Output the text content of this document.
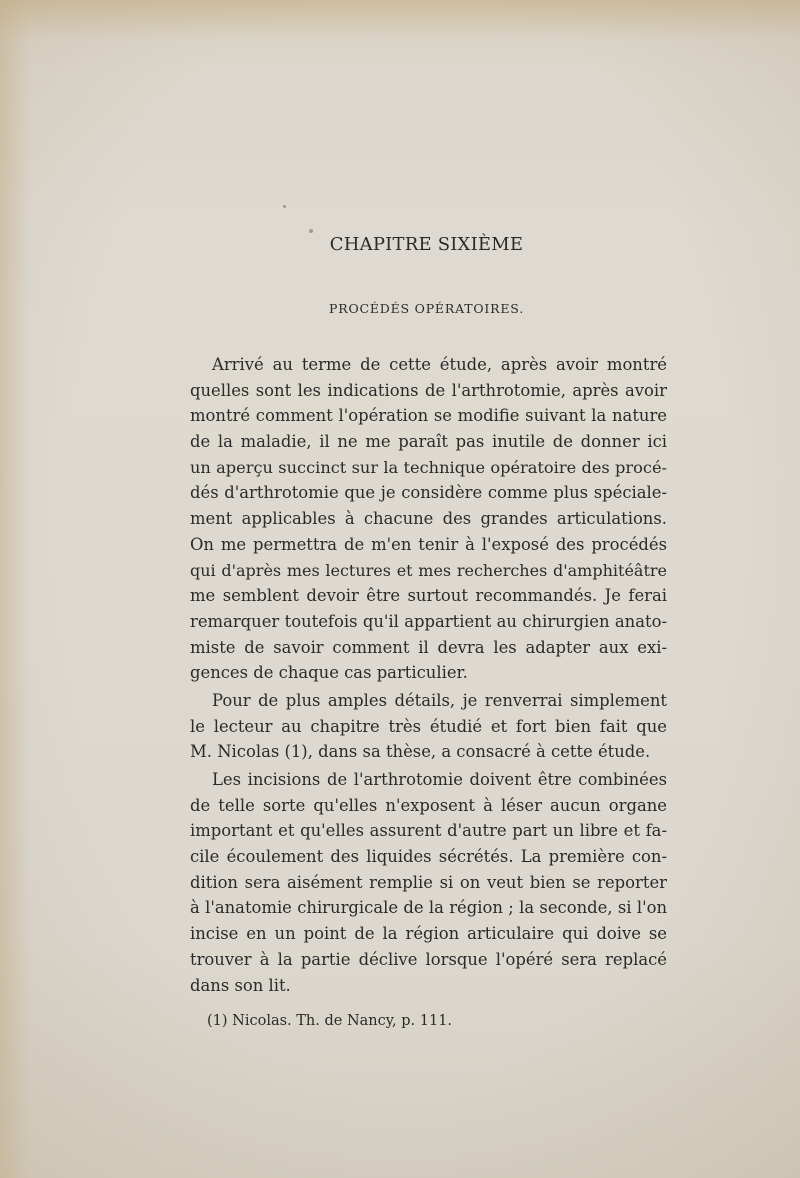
CHAPITRE SIXIÈME
PROCÉDÉS OPÉRATOIRES.
Arrivé au terme de cette étude, après avoir montré
quelles sont les indications de l'arthrotomie, après avoir
montré comment l'opération se modifie suivant la nature
de la maladie, il ne me paraît pas inutile de donner ici
un aperçu succinct sur la technique opératoire des procé-
dés d'arthrotomie que je considère comme plus spéciale-
ment applicables à chacune des grandes articulations.
On me permettra de m'en tenir à l'exposé des procédés
qui d'après mes lectures et mes recherches d'amphitéâtre
me semblent devoir être surtout recommandés. Je ferai
remarquer toutefois qu'il appartient au chirurgien anato-
miste de savoir comment il devra les adapter aux exi-
gences de chaque cas particulier.
Pour de plus amples détails, je renverrai simplement
le lecteur au chapitre très étudié et fort bien fait que
M. Nicolas (1), dans sa thèse, a consacré à cette étude.
Les incisions de l'arthrotomie doivent être combinées
de telle sorte qu'elles n'exposent à léser aucun organe
important et qu'elles assurent d'autre part un libre et fa-
cile écoulement des liquides sécrétés. La première con-
dition sera aisément remplie si on veut bien se reporter
à l'anatomie chirurgicale de la région ; la seconde, si l'on
incise en un point de la région articulaire qui doive se
trouver à la partie déclive lorsque l'opéré sera replacé
dans son lit.
(1) Nicolas. Th. de Nancy, p. 111.
